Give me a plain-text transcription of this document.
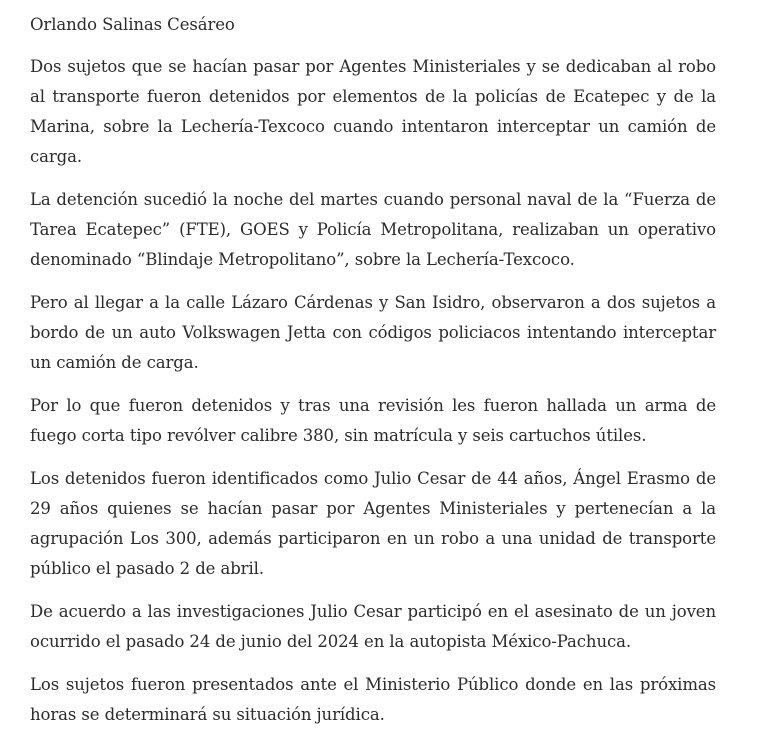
Orlando Salinas Cesáreo

Dos sujetos que se hacían pasar por Agentes Ministeriales y se dedicaban al robo al transporte fueron detenidos por elementos de la policías de Ecatepec y de la Marina, sobre la Lechería-Texcoco cuando intentaron interceptar un camión de carga.

La detención sucedió la noche del martes cuando personal naval de la “Fuerza de Tarea Ecatepec” (FTE), GOES y Policía Metropolitana, realizaban un operativo denominado “Blindaje Metropolitano”, sobre la Lechería-Texcoco.

Pero al llegar a la calle Lázaro Cárdenas y San Isidro, observaron a dos sujetos a bordo de un auto Volkswagen Jetta con códigos policiacos intentando interceptar un camión de carga.

Por lo que fueron detenidos y tras una revisión les fueron hallada un arma de fuego corta tipo revólver calibre 380, sin matrícula y seis cartuchos útiles.

Los detenidos fueron identificados como Julio Cesar de 44 años, Ángel Erasmo de 29 años quienes se hacían pasar por Agentes Ministeriales y pertenecían a la agrupación Los 300, además participaron en un robo a una unidad de transporte público el pasado 2 de abril.

De acuerdo a las investigaciones Julio Cesar participó en el asesinato de un joven ocurrido el pasado 24 de junio del 2024 en la autopista México-Pachuca.

Los sujetos fueron presentados ante el Ministerio Público donde en las próximas horas se determinará su situación jurídica.
